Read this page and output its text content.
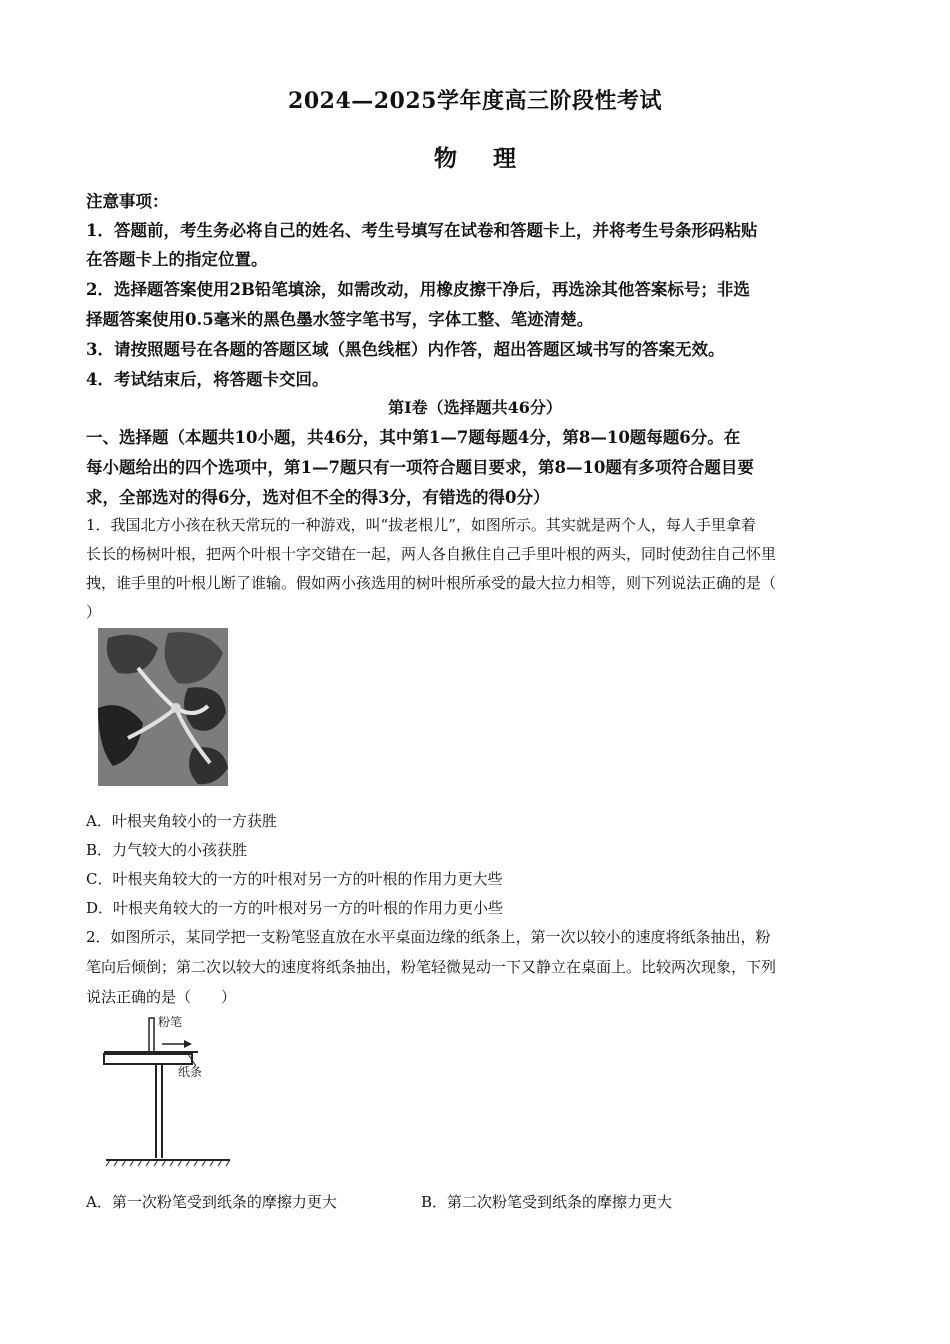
2024—2025学年度高三阶段性考试
物 理
注意事项：
1．答题前，考生务必将自己的姓名、考生号填写在试卷和答题卡上，并将考生号条形码粘贴
在答题卡上的指定位置。
2．选择题答案使用2B铅笔填涂，如需改动，用橡皮擦干净后，再选涂其他答案标号；非选
择题答案使用0.5毫米的黑色墨水签字笔书写，字体工整、笔迹清楚。
3．请按照题号在各题的答题区域（黑色线框）内作答，超出答题区域书写的答案无效。
4．考试结束后，将答题卡交回。
第Ⅰ卷（选择题共46分）
一、选择题（本题共10小题，共46分，其中第1—7题每题4分，第8—10题每题6分。在
每小题给出的四个选项中，第1—7题只有一项符合题目要求，第8—10题有多项符合题目要
求，全部选对的得6分，选对但不全的得3分，有错选的得0分）
1．我国北方小孩在秋天常玩的一种游戏，叫“拔老根儿”，如图所示。其实就是两个人，每人手里拿着
长长的杨树叶根，把两个叶根十字交错在一起，两人各自揪住自己手里叶根的两头，同时使劲往自己怀里
拽，谁手里的叶根儿断了谁输。假如两小孩选用的树叶根所承受的最大拉力相等，则下列说法正确的是（
）
A．叶根夹角较小的一方获胜
B．力气较大的小孩获胜
C．叶根夹角较大的一方的叶根对另一方的叶根的作用力更大些
D．叶根夹角较大的一方的叶根对另一方的叶根的作用力更小些
2．如图所示，某同学把一支粉笔竖直放在水平桌面边缘的纸条上，第一次以较小的速度将纸条抽出，粉
笔向后倾倒；第二次以较大的速度将纸条抽出，粉笔轻微晃动一下又静立在桌面上。比较两次现象，下列
说法正确的是（　　）
粉笔
纸条
A．第一次粉笔受到纸条的摩擦力更大	B．第二次粉笔受到纸条的摩擦力更大
